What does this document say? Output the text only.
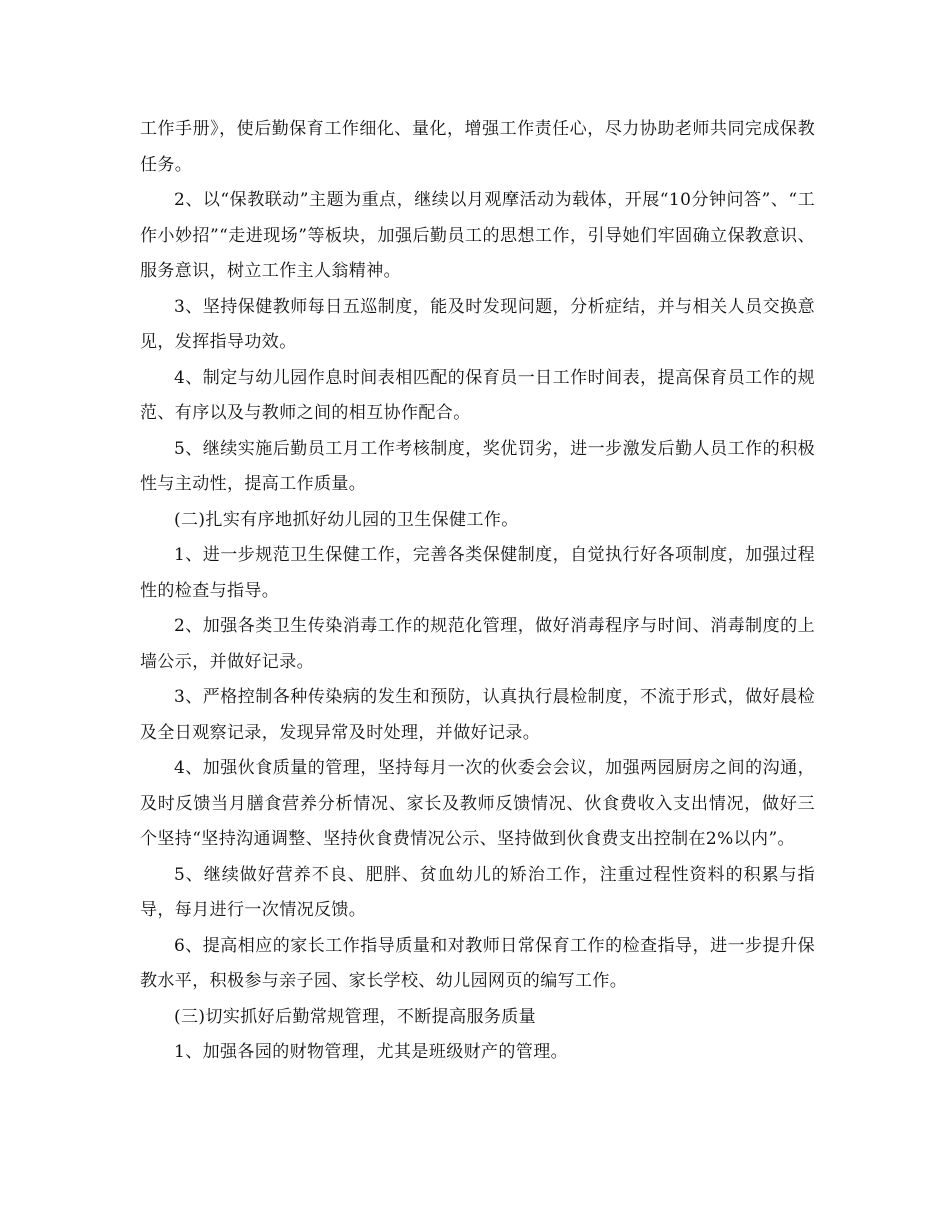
工作手册》，使后勤保育工作细化、量化，增强工作责任心，尽力协助老师共同完成保教任务。

2、以“保教联动”主题为重点，继续以月观摩活动为载体，开展“10分钟问答”、“工作小妙招”“走进现场”等板块，加强后勤员工的思想工作，引导她们牢固确立保教意识、服务意识，树立工作主人翁精神。

3、坚持保健教师每日五巡制度，能及时发现问题，分析症结，并与相关人员交换意见，发挥指导功效。

4、制定与幼儿园作息时间表相匹配的保育员一日工作时间表，提高保育员工作的规范、有序以及与教师之间的相互协作配合。

5、继续实施后勤员工月工作考核制度，奖优罚劣，进一步激发后勤人员工作的积极性与主动性，提高工作质量。

(二)扎实有序地抓好幼儿园的卫生保健工作。

1、进一步规范卫生保健工作，完善各类保健制度，自觉执行好各项制度，加强过程性的检查与指导。

2、加强各类卫生传染消毒工作的规范化管理，做好消毒程序与时间、消毒制度的上墙公示，并做好记录。

3、严格控制各种传染病的发生和预防，认真执行晨检制度，不流于形式，做好晨检及全日观察记录，发现异常及时处理，并做好记录。

4、加强伙食质量的管理，坚持每月一次的伙委会会议，加强两园厨房之间的沟通，及时反馈当月膳食营养分析情况、家长及教师反馈情况、伙食费收入支出情况，做好三个坚持“坚持沟通调整、坚持伙食费情况公示、坚持做到伙食费支出控制在2%以内”。

5、继续做好营养不良、肥胖、贫血幼儿的矫治工作，注重过程性资料的积累与指导，每月进行一次情况反馈。

6、提高相应的家长工作指导质量和对教师日常保育工作的检查指导，进一步提升保教水平，积极参与亲子园、家长学校、幼儿园网页的编写工作。

(三)切实抓好后勤常规管理，不断提高服务质量

1、加强各园的财物管理，尤其是班级财产的管理。
